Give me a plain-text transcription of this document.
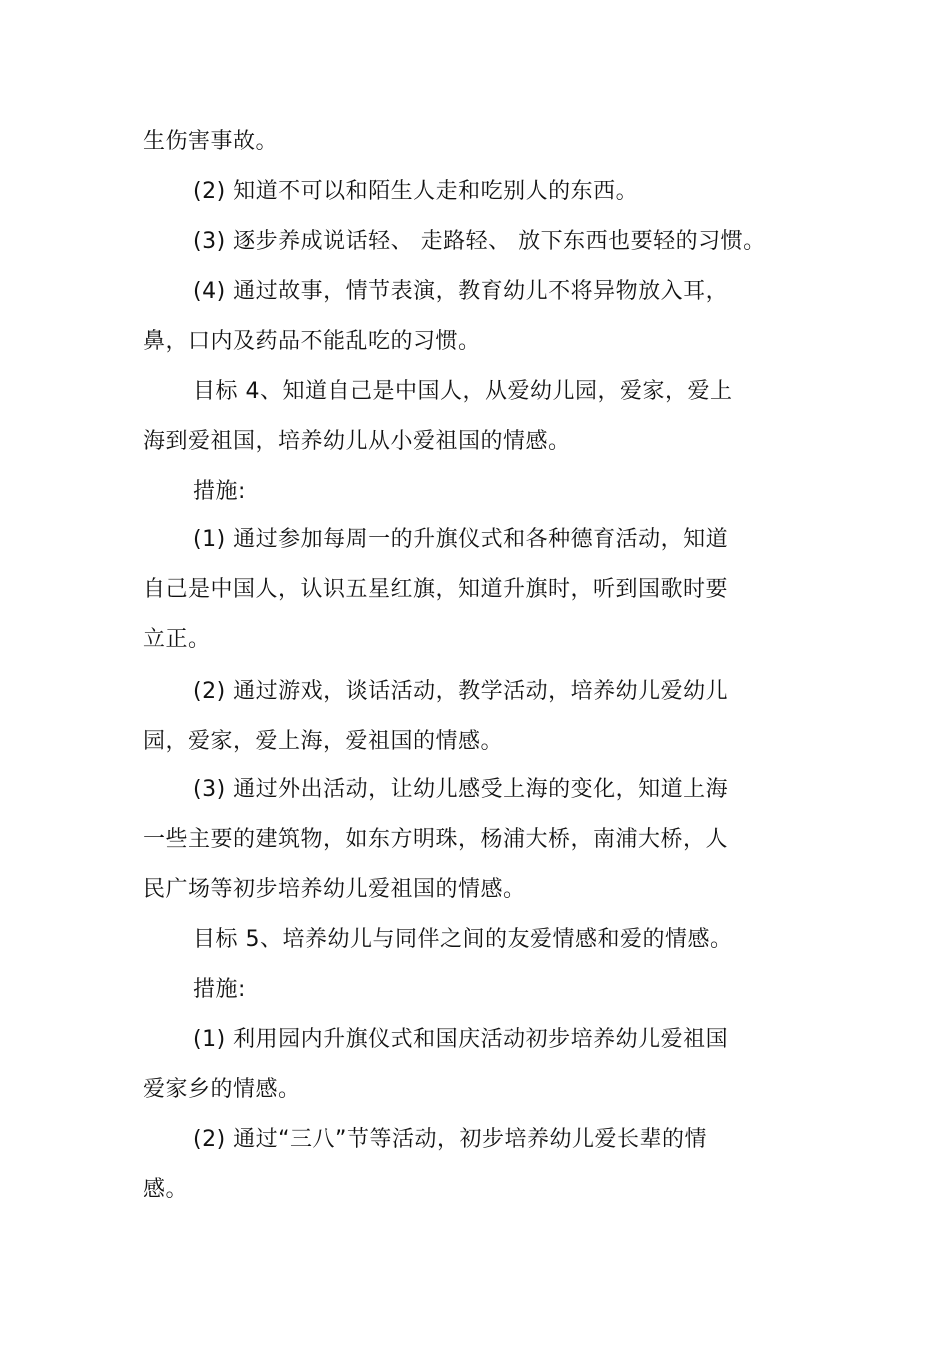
生伤害事故。
(2) 知道不可以和陌生人走和吃别人的东西。
(3) 逐步养成说话轻、 走路轻、 放下东西也要轻的习惯。
(4) 通过故事，情节表演，教育幼儿不将异物放入耳，
鼻，口内及药品不能乱吃的习惯。
目标 4、知道自己是中国人，从爱幼儿园，爱家，爱上
海到爱祖国，培养幼儿从小爱祖国的情感。
措施:
(1) 通过参加每周一的升旗仪式和各种德育活动，知道
自己是中国人，认识五星红旗，知道升旗时，听到国歌时要
立正。
(2) 通过游戏，谈话活动，教学活动，培养幼儿爱幼儿
园，爱家，爱上海，爱祖国的情感。
(3) 通过外出活动，让幼儿感受上海的变化，知道上海
一些主要的建筑物，如东方明珠，杨浦大桥，南浦大桥，人
民广场等初步培养幼儿爱祖国的情感。
目标 5、培养幼儿与同伴之间的友爱情感和爱的情感。
措施:
(1) 利用园内升旗仪式和国庆活动初步培养幼儿爱祖国
爱家乡的情感。
(2) 通过“三八”节等活动，初步培养幼儿爱长辈的情
感。
